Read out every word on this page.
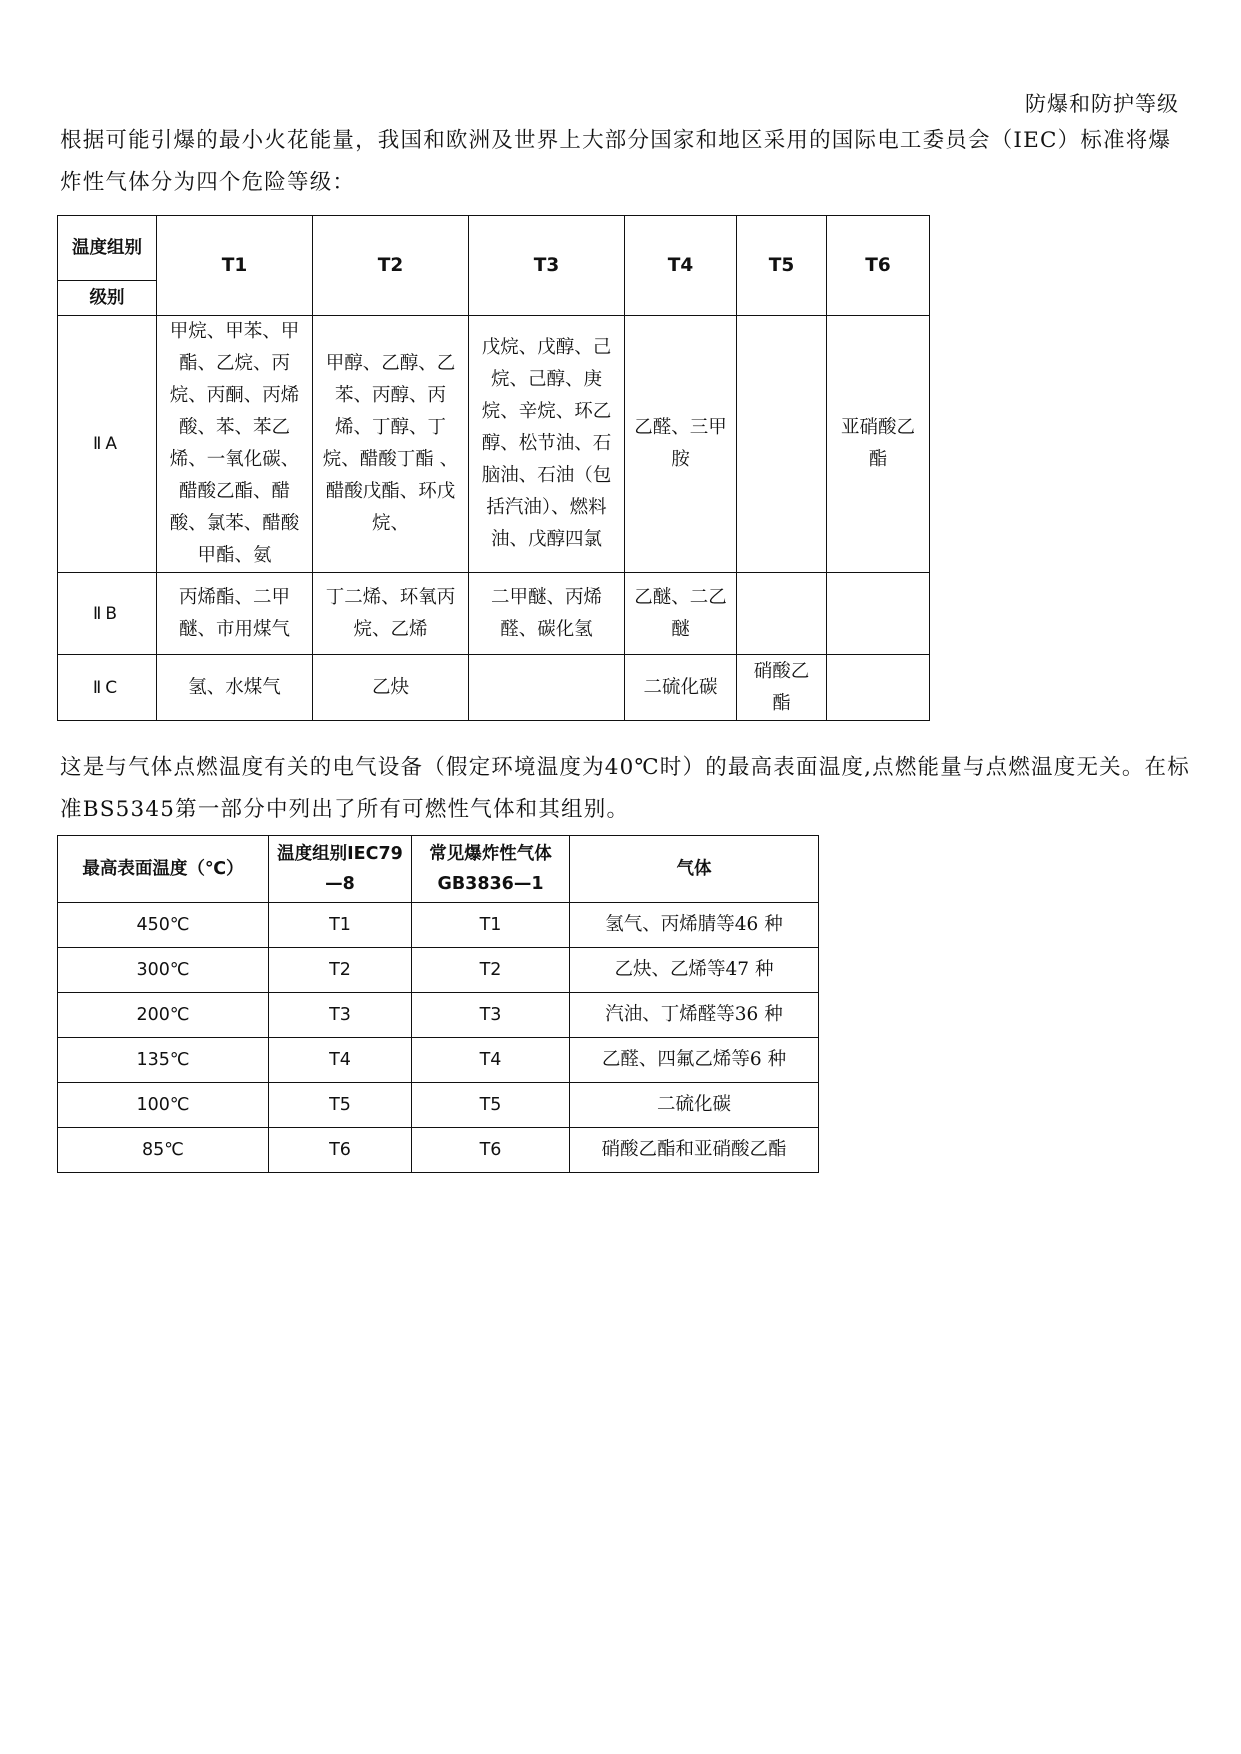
防爆和防护等级
根据可能引爆的最小火花能量，我国和欧洲及世界上大部分国家和地区采用的国际电工委员会（IEC）标准将爆炸性气体分为四个危险等级：
温度组别	T1	T2	T3	T4	T5	T6
级别						
ⅡA	甲烷、甲苯、甲酯、乙烷、丙烷、丙酮、丙烯酸、苯、苯乙烯、一氧化碳、醋酸乙酯、醋酸、氯苯、醋酸甲酯、氨	甲醇、乙醇、乙苯、丙醇、丙烯、丁醇、丁烷、醋酸丁酯 、醋酸戊酯、环戊烷、	戊烷、戊醇、己烷、己醇、庚烷、辛烷、环乙醇、松节油、石脑油、石油（包括汽油）、燃料油、戊醇四氯	乙醛、三甲胺		亚硝酸乙酯
ⅡB	丙烯酯、二甲醚、市用煤气	丁二烯、环氧丙烷、乙烯	二甲醚、丙烯醛、碳化氢	乙醚、二乙醚		
ⅡC	氢、水煤气	乙炔		二硫化碳	硝酸乙酯	
这是与气体点燃温度有关的电气设备（假定环境温度为40℃时）的最高表面温度,点燃能量与点燃温度无关。在标准BS5345第一部分中列出了所有可燃性气体和其组别。
最高表面温度（℃）	温度组别IEC79—8	常见爆炸性气体GB3836—1	气体
450℃	T1	T1	氢气、丙烯腈等46 种
300℃	T2	T2	乙炔、乙烯等47 种
200℃	T3	T3	汽油、丁烯醛等36 种
135℃	T4	T4	乙醛、四氟乙烯等6 种
100℃	T5	T5	二硫化碳
85℃	T6	T6	硝酸乙酯和亚硝酸乙酯
